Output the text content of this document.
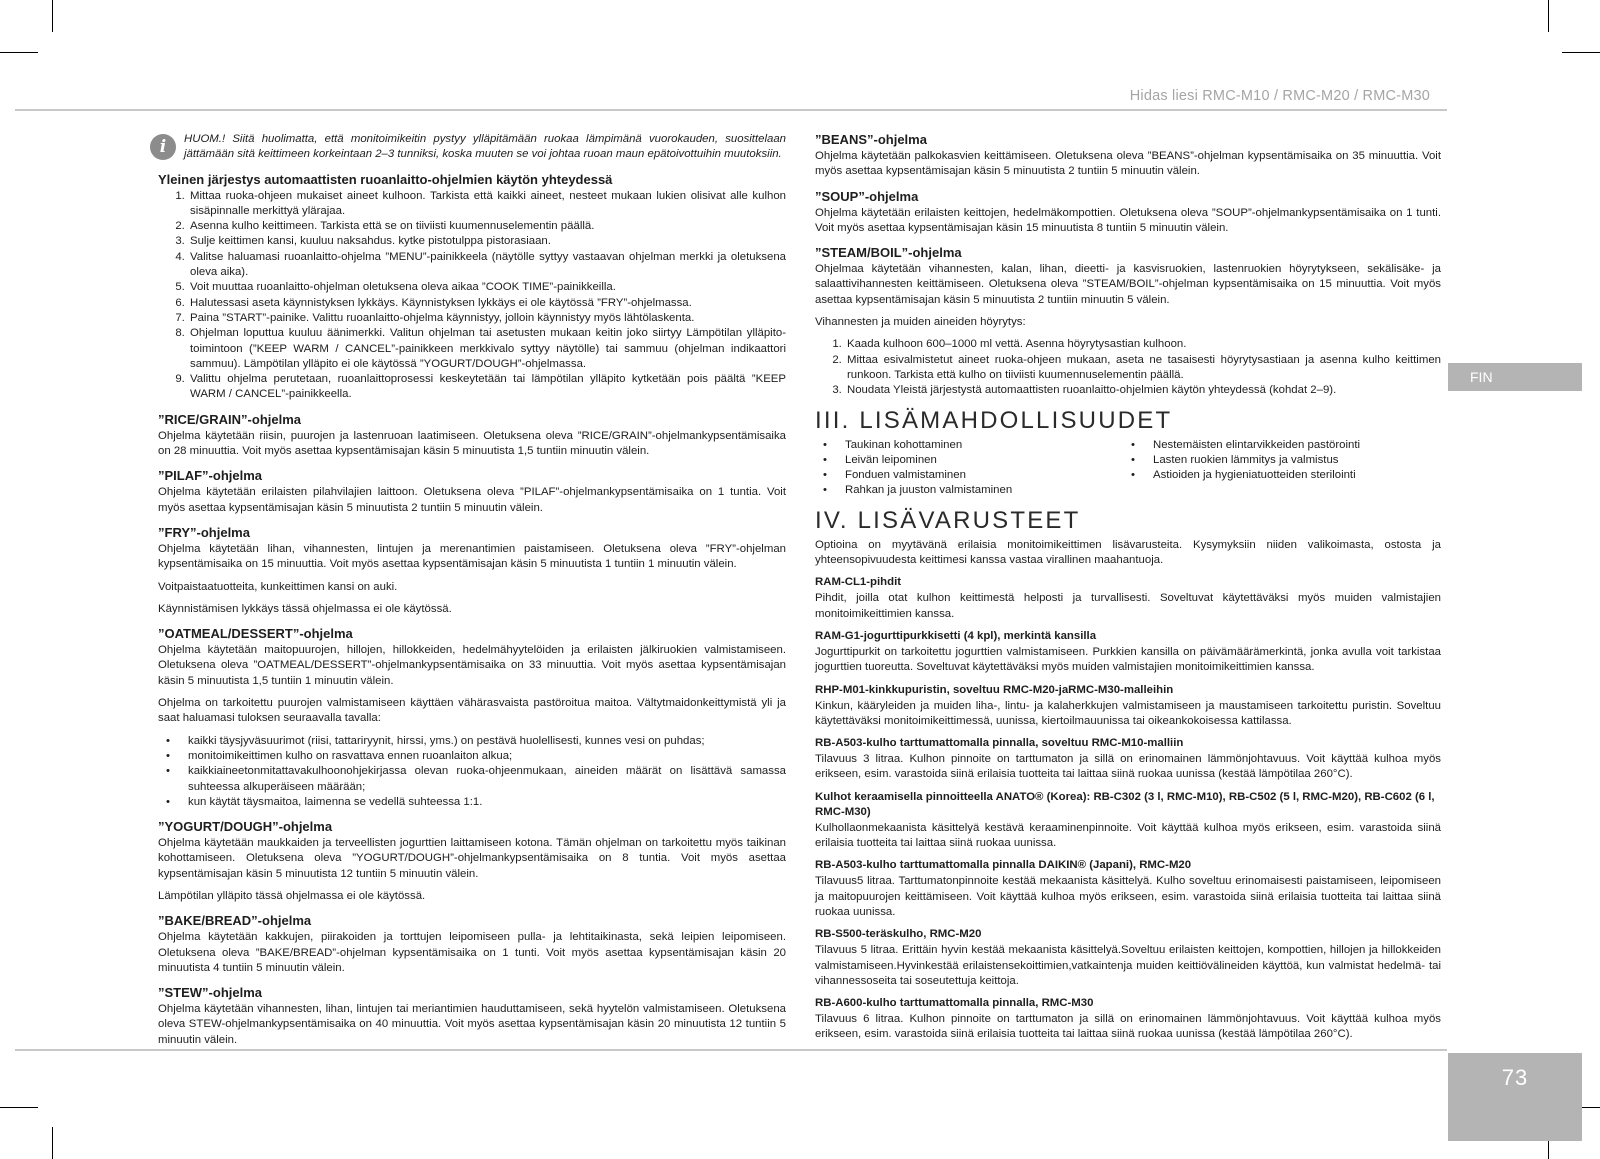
Hidas liesi RMC-M10 / RMC-M20 / RMC-M30
FIN
73
i	HUOM.! Siitä huolimatta, että monitoimikeitin pystyy ylläpitämään ruokaa lämpimänä vuorokauden, suosittelaan jättämään sitä keittimeen korkeintaan 2–3 tunniksi, koska muuten se voi johtaa ruoan maun epätoivottuihin muutoksiin.
Yleinen järjestys automaattisten ruoanlaitto-ohjelmien käytön yhteydessä
1. Mittaa ruoka-ohjeen mukaiset aineet kulhoon. Tarkista että kaikki aineet, nesteet mukaan lukien olisivat alle kulhon sisäpinnalle merkittyä ylärajaa.
2. Asenna kulho keittimeen. Tarkista että se on tiiviisti kuumennuselementin päällä.
3. Sulje keittimen kansi, kuuluu naksahdus. kytke pistotulppa pistorasiaan.
4. Valitse haluamasi ruoanlaitto-ohjelma ”MENU”-painikkeela (näytölle syttyy vastaavan ohjelman merkki ja oletuksena oleva aika).
5. Voit muuttaa ruoanlaitto-ohjelman oletuksena oleva aikaa ”COOK TIME”-painikkeilla.
6. Halutessasi aseta käynnistyksen lykkäys. Käynnistyksen lykkäys ei ole käytössä ”FRY”-ohjelmassa.
7. Paina ”START”-painike. Valittu ruoanlaitto-ohjelma käynnistyy, jolloin käynnistyy myös lähtölaskenta.
8. Ohjelman loputtua kuuluu äänimerkki. Valitun ohjelman tai asetusten mukaan keitin joko siirtyy Lämpötilan ylläpito-toimintoon (”KEEP WARM / CANCEL”-painikkeen merkkivalo syttyy näytölle) tai sammuu (ohjelman indikaattori sammuu). Lämpötilan ylläpito ei ole käytössä ”YOGURT/DOUGH”-ohjelmassa.
9. Valittu ohjelma perutetaan, ruoanlaittoprosessi keskeytetään tai lämpötilan ylläpito kytketään pois päältä ”KEEP WARM / CANCEL”-painikkeella.
”RICE/GRAIN”-ohjelma

Ohjelma käytetään riisin, puurojen ja lastenruoan laatimiseen. Oletuksena oleva ”RICE/GRAIN”-ohjelmankypsentämisaika on 28 minuuttia. Voit myös asettaa kypsentämisajan käsin 5 minuutista 1,5 tuntiin minuutin välein.

”PILAF”-ohjelma

Ohjelma käytetään erilaisten pilahvilajien laittoon. Oletuksena oleva ”PILAF”-ohjelmankypsentämisaika on 1 tuntia. Voit myös asettaa kypsentämisajan käsin 5 minuutista 2 tuntiin 5 minuutin välein.

”FRY”-ohjelma

Ohjelma käytetään lihan, vihannesten, lintujen ja merenantimien paistamiseen. Oletuksena oleva ”FRY”-ohjelman kypsentämisaika on 15 minuuttia. Voit myös asettaa kypsentämisajan käsin 5 minuutista 1 tuntiin 1 minuutin välein.

Voitpaistaatuotteita, kunkeittimen kansi on auki.

Käynnistämisen lykkäys tässä ohjelmassa ei ole käytössä.

”OATMEAL/DESSERT”-ohjelma

Ohjelma käytetään maitopuurojen, hillojen, hillokkeiden, hedelmähyytelöiden ja erilaisten jälkiruokien valmistamiseen. Oletuksena oleva ”OATMEAL/DESSERT”-ohjelmankypsentämisaika on 33 minuuttia. Voit myös asettaa kypsentämisajan käsin 5 minuutista 1,5 tuntiin 1 minuutin välein.

Ohjelma on tarkoitettu puurojen valmistamiseen käyttäen vähärasvaista pastöroitua maitoa. Vältytmaidonkeittymistä yli ja saat haluamasi tuloksen seuraavalla tavalla:

• kaikki täysjyväsuurimot (riisi, tattariryynit, hirssi, yms.) on pestävä huolellisesti, kunnes vesi on puhdas;
• monitoimikeittimen kulho on rasvattava ennen ruoanlaiton alkua;
• kaikkiaineetonmitattavakulhoonohjekirjassa olevan ruoka-ohjeenmukaan, aineiden määrät on lisättävä samassa suhteessa alkuperäiseen määrään;
• kun käytät täysmaitoa, laimenna se vedellä suhteessa 1:1.
”YOGURT/DOUGH”-ohjelma

Ohjelma käytetään maukkaiden ja terveellisten jogurttien laittamiseen kotona. Tämän ohjelman on tarkoitettu myös taikinan kohottamiseen. Oletuksena oleva ”YOGURT/DOUGH”-ohjelmankypsentämisaika on 8 tuntia. Voit myös asettaa kypsentämisajan käsin 5 minuutista 12 tuntiin 5 minuutin välein.

Lämpötilan ylläpito tässä ohjelmassa ei ole käytössä.

”BAKE/BREAD”-ohjelma

Ohjelma käytetään kakkujen, piirakoiden ja torttujen leipomiseen pulla- ja lehtitaikinasta, sekä leipien leipomiseen. Oletuksena oleva ”BAKE/BREAD”-ohjelman kypsentämisaika on 1 tunti. Voit myös asettaa kypsentämisajan käsin 20 minuutista 4 tuntiin 5 minuutin välein.

”STEW”-ohjelma

Ohjelma käytetään vihannesten, lihan, lintujen tai meriantimien hauduttamiseen, sekä hyytelön valmistamiseen. Oletuksena oleva STEW-ohjelmankypsentämisaika on 40 minuuttia. Voit myös asettaa kypsentämisajan käsin 20 minuutista 12 tuntiin 5 minuutin välein.

”BEANS”-ohjelma

Ohjelma käytetään palkokasvien keittämiseen. Oletuksena oleva ”BEANS”-ohjelman kypsentämisaika on 35 minuuttia. Voit myös asettaa kypsentämisajan käsin 5 minuutista 2 tuntiin 5 minuutin välein.

”SOUP”-ohjelma

Ohjelma käytetään erilaisten keittojen, hedelmäkompottien. Oletuksena oleva ”SOUP”-ohjelmankypsentämisaika on 1 tunti. Voit myös asettaa kypsentämisajan käsin 15 minuutista 8 tuntiin 5 minuutin välein.

”STEAM/BOIL”-ohjelma

Ohjelmaa käytetään vihannesten, kalan, lihan, dieetti- ja kasvisruokien, lastenruokien höyrytykseen, sekälisäke- ja salaattivihannesten keittämiseen. Oletuksena oleva ”STEAM/BOIL”-ohjelman kypsentämisaika on 15 minuuttia. Voit myös asettaa kypsentämisajan käsin 5 minuutista 2 tuntiin minuutin 5 välein.

Vihannesten ja muiden aineiden höyrytys:

1. Kaada kulhoon 600–1000 ml vettä. Asenna höyrytysastian kulhoon.
2. Mittaa esivalmistetut aineet ruoka-ohjeen mukaan, aseta ne tasaisesti höyrytysastiaan ja asenna kulho keittimen runkoon. Tarkista että kulho on tiiviisti kuumennuselementin päällä.
3. Noudata Yleistä järjestystä automaattisten ruoanlaitto-ohjelmien käytön yhteydessä (kohdat 2–9).
III. LISÄMAHDOLLISUUDET
• Taukinan kohottaminen	• Nestemäisten elintarvikkeiden pastörointi
• Leivän leipominen	• Lasten ruokien lämmitys ja valmistus
• Fonduen valmistaminen	• Astioiden ja hygieniatuotteiden sterilointi
• Rahkan ja juuston valmistaminen
IV. LISÄVARUSTEET

Optioina on myytävänä erilaisia monitoimikeittimen lisävarusteita. Kysymyksiin niiden valikoimasta, ostosta ja yhteensopivuudesta keittimesi kanssa vastaa virallinen maahantuoja.

RAM-CL1-pihdit

Pihdit, joilla otat kulhon keittimestä helposti ja turvallisesti. Soveltuvat käytettäväksi myös muiden valmistajien monitoimikeittimien kanssa.

RAM-G1-jogurttipurkkisetti (4 kpl), merkintä kansilla

Jogurttipurkit on tarkoitettu jogurttien valmistamiseen. Purkkien kansilla on päivämäärämerkintä, jonka avulla voit tarkistaa jogurttien tuoreutta. Soveltuvat käytettäväksi myös muiden valmistajien monitoimikeittimien kanssa.

RHP-M01-kinkkupuristin, soveltuu RMC-M20-jaRMC-M30-malleihin

Kinkun, kääryleiden ja muiden liha-, lintu- ja kalaherkkujen valmistamiseen ja maustamiseen tarkoitettu puristin. Soveltuu käytettäväksi monitoimikeittimessä, uunissa, kiertoilmauunissa tai oikeankokoisessa kattilassa.

RB-A503-kulho tarttumattomalla pinnalla, soveltuu RMC-M10-malliin

Tilavuus 3 litraa. Kulhon pinnoite on tarttumaton ja sillä on erinomainen lämmönjohtavuus. Voit käyttää kulhoa myös erikseen, esim. varastoida siinä erilaisia tuotteita tai laittaa siinä ruokaa uunissa (kestää lämpötilaa 260°C).

Kulhot keraamisella pinnoitteella ANATO® (Korea): RB-C302 (3 l, RMC-M10), RB-C502 (5 l, RMC-M20), RB-C602 (6 l, RMC-M30)

Kulhollaonmekaanista käsittelyä kestävä keraaminenpinnoite. Voit käyttää kulhoa myös erikseen, esim. varastoida siinä erilaisia tuotteita tai laittaa siinä ruokaa uunissa.

RB-A503-kulho tarttumattomalla pinnalla DAIKIN® (Japani), RMC-M20

Tilavuus5 litraa. Tarttumatonpinnoite kestää mekaanista käsittelyä. Kulho soveltuu erinomaisesti paistamiseen, leipomiseen ja maitopuurojen keittämiseen. Voit käyttää kulhoa myös erikseen, esim. varastoida siinä erilaisia tuotteita tai laittaa siinä ruokaa uunissa.

RB-S500-teräskulho, RMC-M20

Tilavuus 5 litraa. Erittäin hyvin kestää mekaanista käsittelyä.Soveltuu erilaisten keittojen, kompottien, hillojen ja hillokkeiden valmistamiseen.Hyvinkestää erilaistensekoittimien,vatkaintenja muiden keittiövälineiden käyttöä, kun valmistat hedelmä- tai vihannessoseita tai soseutettuja keittoja.

RB-A600-kulho tarttumattomalla pinnalla, RMC-M30

Tilavuus 6 litraa. Kulhon pinnoite on tarttumaton ja sillä on erinomainen lämmönjohtavuus. Voit käyttää kulhoa myös erikseen, esim. varastoida siinä erilaisia tuotteita tai laittaa siinä ruokaa uunissa (kestää lämpötilaa 260°C).
